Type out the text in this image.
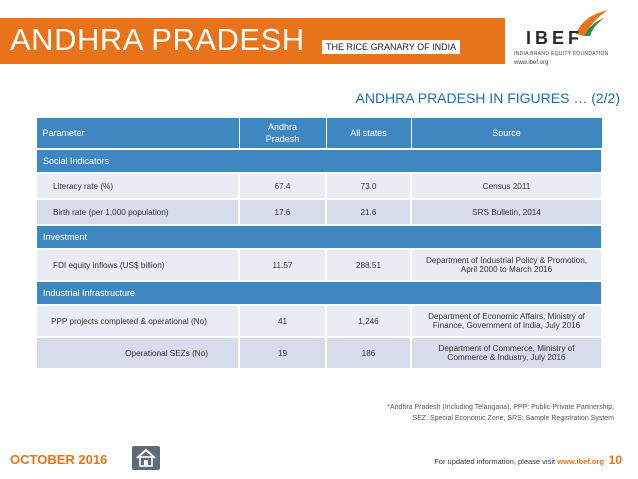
ANDHRA PRADESH	THE RICE GRANARY OF INDIA	IBEF
INDIA BRAND EQUITY FOUNDATION
www.ibef.org
ANDHRA PRADESH IN FIGURES … (2/2)
Parameter	Andhra Pradesh	All states	Source
Social Indicators			
Literacy rate (%)	67.4	73.0	Census 2011
Birth rate (per 1,000 population)	17.6	21.6	SRS Bulletin, 2014
Investment			
FDI equity inflows (US$ billion)	11.57	288.51	Department of Industrial Policy & Promotion, April 2000 to March 2016
Industrial Infrastructure			
PPP projects completed & operational (No)	41	1,246	Department of Economic Affairs, Ministry of Finance, Government of India, July 2016
Operational SEZs (No)	19	186	Department of Commerce, Ministry of Commerce & Industry, July 2016
*Andhra Pradesh (Including Telangana), PPP: Public-Private Partnership,
SEZ: Special Economic Zone, SRS: Sample Registration System
OCTOBER 2016	For updated information, please visit www.ibef.org 10
